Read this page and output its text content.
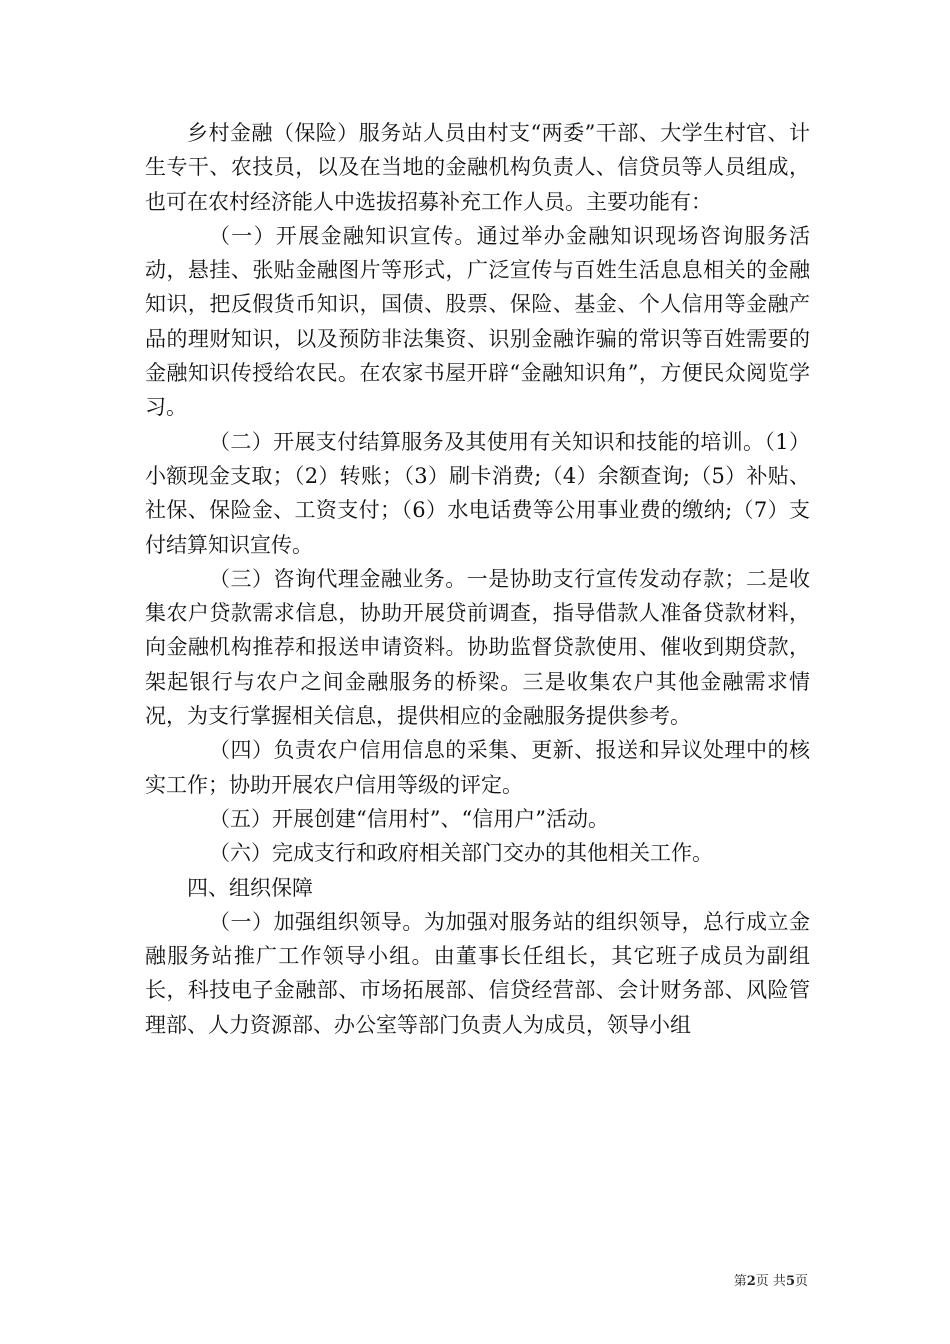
乡村金融（保险）服务站人员由村支“两委”干部、大学生村官、计生专干、农技员，以及在当地的金融机构负责人、信贷员等人员组成，也可在农村经济能人中选拔招募补充工作人员。主要功能有：

（一）开展金融知识宣传。通过举办金融知识现场咨询服务活动，悬挂、张贴金融图片等形式，广泛宣传与百姓生活息息相关的金融知识，把反假货币知识，国债、股票、保险、基金、个人信用等金融产品的理财知识，以及预防非法集资、识别金融诈骗的常识等百姓需要的金融知识传授给农民。在农家书屋开辟“金融知识角”，方便民众阅览学习。

（二）开展支付结算服务及其使用有关知识和技能的培训。（1）小额现金支取；（2）转账；（3）刷卡消费;（4）余额查询;（5）补贴、社保、保险金、工资支付；（6）水电话费等公用事业费的缴纳;（7）支付结算知识宣传。

（三）咨询代理金融业务。一是协助支行宣传发动存款；二是收集农户贷款需求信息，协助开展贷前调查，指导借款人准备贷款材料，向金融机构推荐和报送申请资料。协助监督贷款使用、催收到期贷款，架起银行与农户之间金融服务的桥梁。三是收集农户其他金融需求情况，为支行掌握相关信息，提供相应的金融服务提供参考。

（四）负责农户信用信息的采集、更新、报送和异议处理中的核实工作；协助开展农户信用等级的评定。

（五）开展创建“信用村”、“信用户”活动。

（六）完成支行和政府相关部门交办的其他相关工作。

四、组织保障

（一）加强组织领导。为加强对服务站的组织领导，总行成立金融服务站推广工作领导小组。由董事长任组长，其它班子成员为副组长，科技电子金融部、市场拓展部、信贷经营部、会计财务部、风险管理部、人力资源部、办公室等部门负责人为成员，领导小组

第2页 共5页
